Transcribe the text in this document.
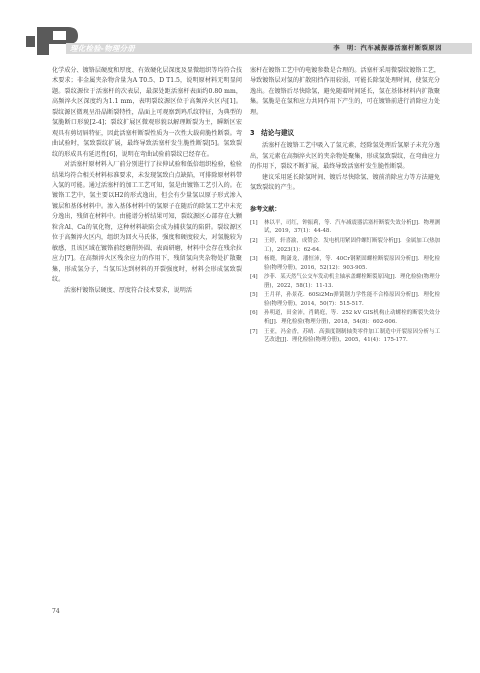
理化检验-物理分册	李　明：汽车减振器活塞杆断裂原因

化学成分、镀铬层硬度和厚度、有效硬化层深度及显微组织等均符合技术要求；非金属夹杂物含量为A T0.5、D T1.5，说明原材料无明显问题。裂纹源位于活塞杆的次表层，最深处距活塞杆表面约0.80 mm，高频淬火区深度约为1.1 mm，表明裂纹源区位于高频淬火区内[1]。裂纹源区微观呈沿晶断裂特性，晶面上可观察到鸡爪纹特征，为典型的氢脆断口形貌[2-4]；裂纹扩展区微观形貌以解理断裂为主，瞬断区宏观具有剪切唇特征，因此活塞杆断裂性质为一次性大载荷脆性断裂。弯曲试验时，氢致裂纹扩展，最终导致活塞杆发生脆性断裂[5]。氢致裂纹的形成具有延迟性[6]，说明在弯曲试验前裂纹已经存在。

对活塞杆原材料入厂前分别进行了拉伸试验和低倍组织检验，检验结果均符合相关材料标准要求，未发现氢致白点缺陷，可排除原材料带入氢的可能。通过活塞杆的加工工艺可知，氢是由镀铬工艺引入的。在镀铬工艺中，氢主要以H2的形式逸出，但会有少量氢以原子形式渗入镀层和基体材料中。渗入基体材料中的氢原子在随后的除氢工艺中未充分逸出，残留在材料中。由能谱分析结果可知，裂纹源区心部存在大颗粒含Al、Ca的氧化物，这种材料缺陷会成为捕获氢的陷阱。裂纹源区位于高频淬火区内，组织为回火马氏体，强度和硬度较大，对氢脆较为敏感，且该区域在镀铬前经磨削外圆、表面研磨，材料中会存在残余拉应力[7]。在高频淬火区残余应力的作用下，残留氢向夹杂物处扩散聚集，形成氢分子，当氢压达到材料的开裂强度时，材料会形成氢致裂纹。

活塞杆镀铬层硬度、厚度符合技术要求，说明活

塞杆在镀铬工艺中的电镀参数是合理的。活塞杆采用微裂纹镀铬工艺，导致镀铬层对氢的扩散阻挡作用较弱，可能长除氢处理时间，使氢充分逸出。在镀铬后尽快除氢，避免随着时间延长，氢在基体材料内扩散聚集。氢脆是在氢和应力共同作用下产生的，可在镀铬前进行消除应力处理。

3　结论与建议

活塞杆在镀铬工艺中吸入了氢元素，经除氢处理后氢原子未充分逸出，氢元素在高频淬火区的夹杂物处聚集，形成氢致裂纹，在弯曲应力的作用下，裂纹不断扩展，最终导致活塞杆发生脆性断裂。

建议采用延长除氢时间、镀后尽快除氢、镀前消除应力等方法避免氢致裂纹的产生。

参考文献：
[1]	林以平，司红，钟振莉，等．汽车减震器活塞杆断裂失效分析[J]．物理测试，2019，37(1)：44-48.
[2]	王婷，轩喜渝，成赞会．发电机用紧固件螺钉断裂分析[J]．金属加工(热加工)，2023(1)：62-64.
[3]	杨晓，陶潇龙，潘恒沛，等．40Cr钢紧固螺栓断裂原因分析[J]．理化检验(物理分册)，2016，52(12)：903-905.
[4]	沙菲．某天然气公交车发动机主轴承盖螺栓断裂原因[J]．理化检验(物理分册)，2022，58(1)：11-13.
[5]	王月祥，孙景花．60Si2Mn弹簧钢力学性能不合格原因分析[J]．理化检验(物理分册)，2014，50(7)：515-517.
[6]	孙明道，田金沛，肖鹤庭，等．252 kV GIS机构止动螺栓的断裂失效分析[J]．理化检验(物理分册)，2018，54(8)：602-606.
[7]	王亚，冯金香，苏晴．高强度钢制轴类零件加工制造中开裂原因分析与工艺改进[J]．理化检验(物理分册)，2005，41(4)：175-177.
74
